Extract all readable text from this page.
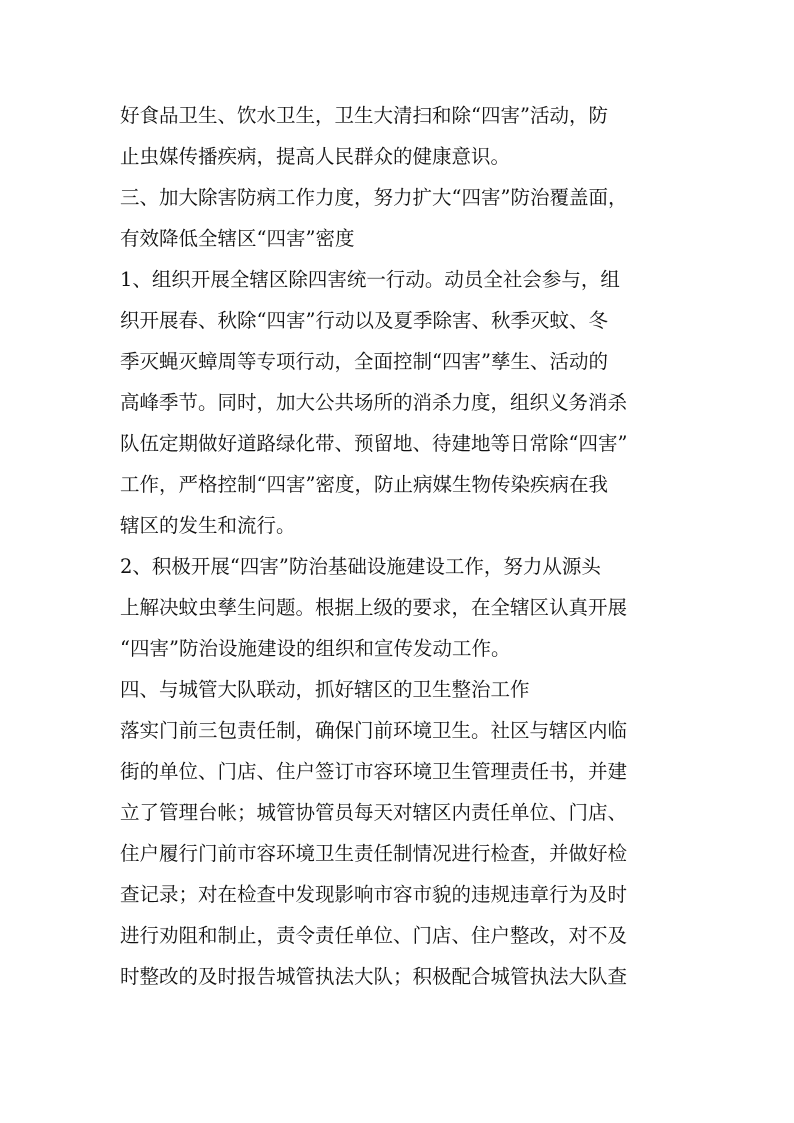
好食品卫生、饮水卫生，卫生大清扫和除“四害”活动，防
止虫媒传播疾病，提高人民群众的健康意识。
三、加大除害防病工作力度，努力扩大“四害”防治覆盖面，
有效降低全辖区“四害”密度
1、组织开展全辖区除四害统一行动。动员全社会参与，组
织开展春、秋除“四害”行动以及夏季除害、秋季灭蚊、冬
季灭蝇灭蟑周等专项行动，全面控制“四害”孳生、活动的
高峰季节。同时，加大公共场所的消杀力度，组织义务消杀
队伍定期做好道路绿化带、预留地、待建地等日常除“四害”
工作，严格控制“四害”密度，防止病媒生物传染疾病在我
辖区的发生和流行。
2、积极开展“四害”防治基础设施建设工作，努力从源头
上解决蚊虫孳生问题。根据上级的要求，在全辖区认真开展
“四害”防治设施建设的组织和宣传发动工作。
四、与城管大队联动，抓好辖区的卫生整治工作
落实门前三包责任制，确保门前环境卫生。社区与辖区内临
街的单位、门店、住户签订市容环境卫生管理责任书，并建
立了管理台帐；城管协管员每天对辖区内责任单位、门店、
住户履行门前市容环境卫生责任制情况进行检查，并做好检
查记录；对在检查中发现影响市容市貌的违规违章行为及时
进行劝阻和制止，责令责任单位、门店、住户整改，对不及
时整改的及时报告城管执法大队；积极配合城管执法大队查
